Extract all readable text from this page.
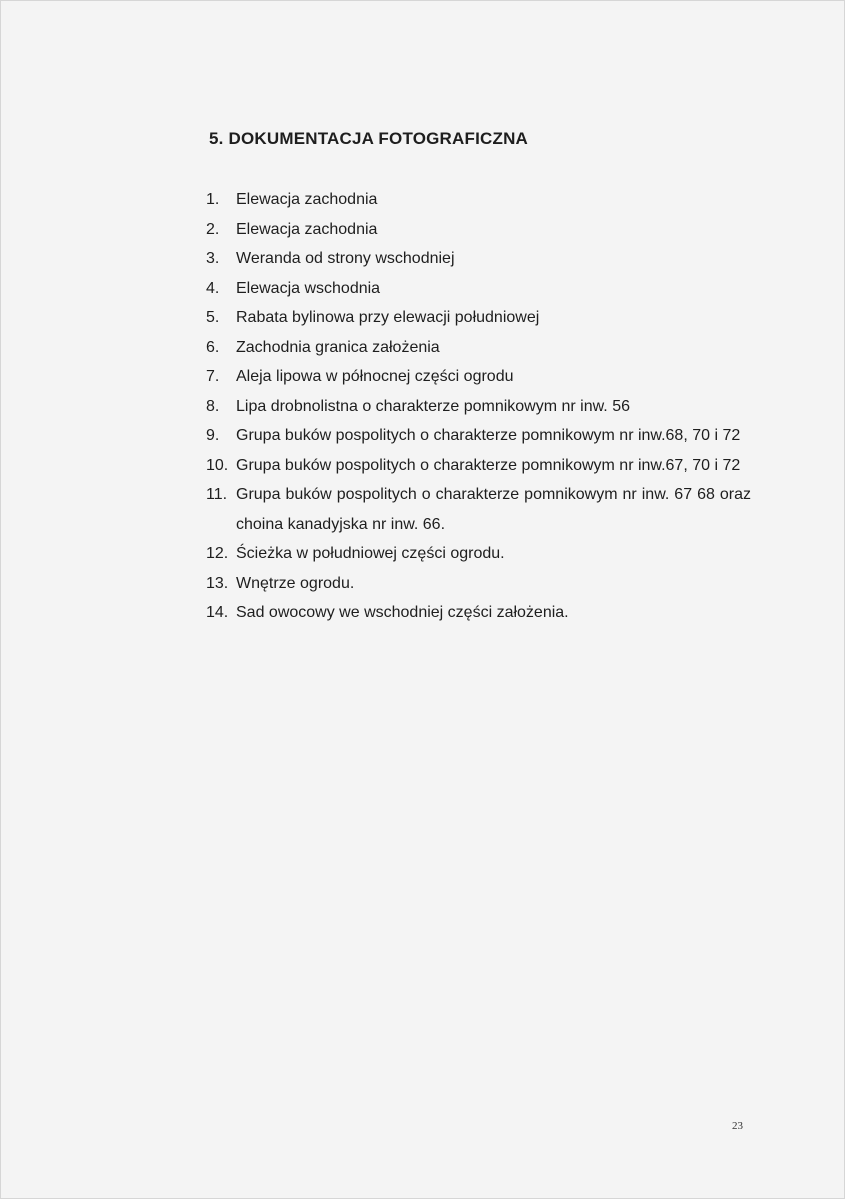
5. DOKUMENTACJA FOTOGRAFICZNA
1.	Elewacja zachodnia
2.	Elewacja zachodnia
3.	Weranda od strony wschodniej
4.	Elewacja wschodnia
5.	Rabata bylinowa przy elewacji południowej
6.	Zachodnia granica założenia
7.	Aleja lipowa w północnej części ogrodu
8.	Lipa drobnolistna o charakterze pomnikowym nr inw. 56
9.	Grupa buków pospolitych o charakterze pomnikowym nr inw.68, 70 i 72
10. Grupa buków pospolitych o charakterze pomnikowym nr inw.67, 70 i 72
11. Grupa buków pospolitych o charakterze pomnikowym nr inw. 67 68 oraz choina kanadyjska nr inw. 66.
12. Ścieżka w południowej części ogrodu.
13. Wnętrze ogrodu.
14. Sad owocowy we wschodniej części założenia.
23
